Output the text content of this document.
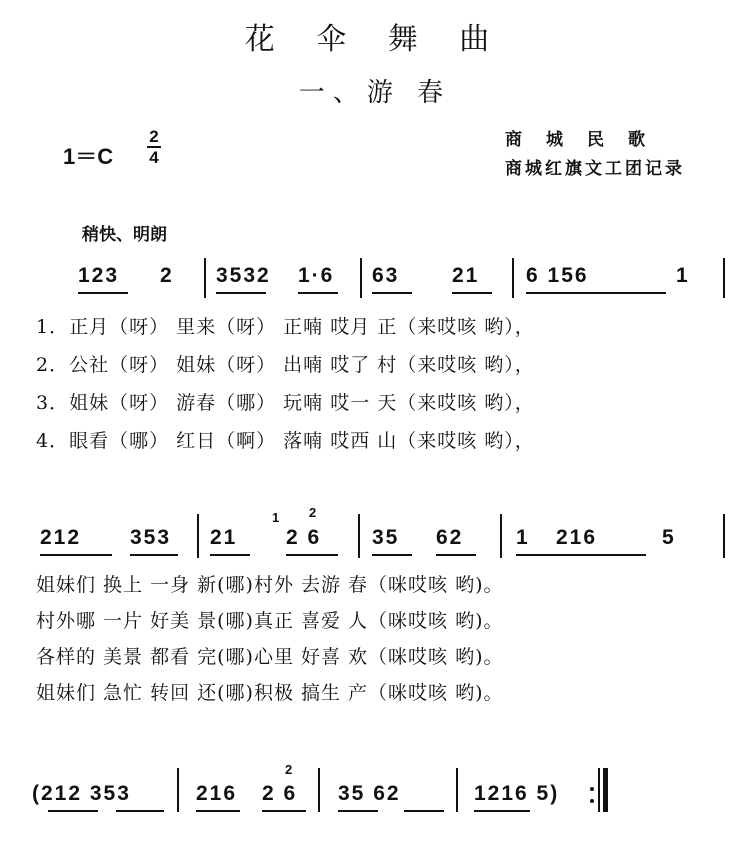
花 伞 舞 曲
一、游 春
商城民歌
商城红旗文工团记录
1＝C
2
4
稍快、明朗
123 2 3532 1·6 63	21 6 156	1
1．正月（呀） 里来（呀） 正喃 哎月 正（来哎咳 哟），
2．公社（呀） 姐妹（呀） 出喃 哎了 村（来哎咳 哟），
3．姐妹（呀） 游春（哪） 玩喃 哎一 天（来哎咳 哟），
4．眼看（哪） 红日（啊） 落喃 哎西 山（来哎咳 哟），
212 353 21
1
2 6
2
35 62	1 216	5
姐妹们 换上 一身 新(哪)村外 去游 春（咪哎咳 哟)。
村外哪 一片 好美 景(哪)真正 喜爱 人（咪哎咳 哟)。
各样的 美景 都看 完(哪)心里 好喜 欢（咪哎咳 哟)。
姐妹们 急忙 转回 还(哪)积极 搞生 产（咪哎咳 哟)。
(212 353	216
2
2 6 35 62	1216 5)
